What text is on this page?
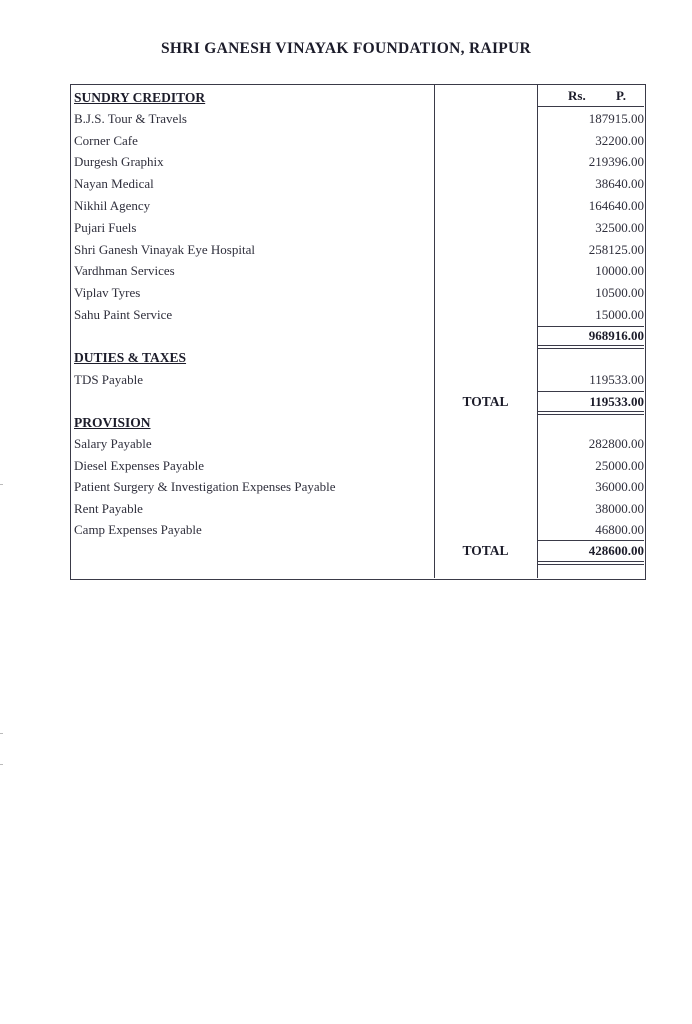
SHRI GANESH VINAYAK FOUNDATION, RAIPUR
Rs. P.
SUNDRY CREDITOR
B.J.S. Tour & Travels	187915.00
Corner Cafe	32200.00
Durgesh Graphix	219396.00
Nayan Medical	38640.00
Nikhil Agency	164640.00
Pujari Fuels	32500.00
Shri Ganesh Vinayak Eye Hospital	258125.00
Vardhman Services	10000.00
Viplav Tyres	10500.00
Sahu Paint Service	15000.00
968916.00
DUTIES & TAXES
TDS Payable	119533.00
TOTAL	119533.00
PROVISION
Salary Payable	282800.00
Diesel Expenses Payable	25000.00
Patient Surgery & Investigation Expenses Payable	36000.00
Rent Payable	38000.00
Camp Expenses Payable	46800.00
TOTAL	428600.00
